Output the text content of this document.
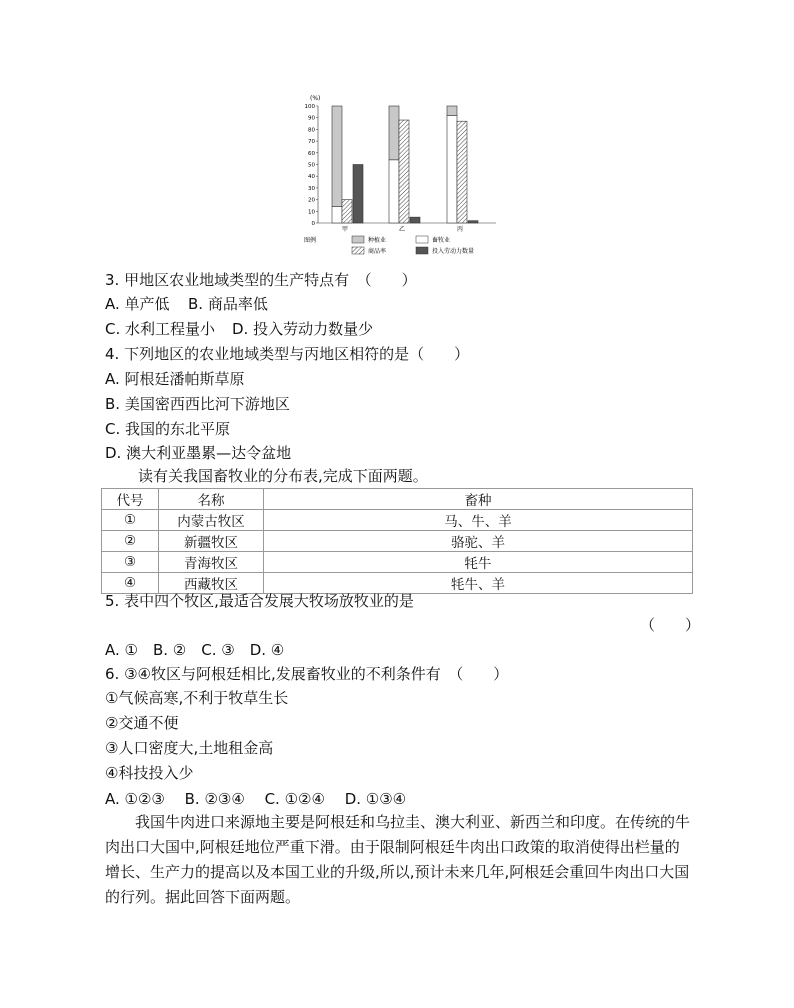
(%)
0
10
20
30
40
50
60
70
80
90
100
甲	乙	丙
图例	种植业	畜牧业
商品率	投入劳动力数量
3. 甲地区农业地域类型的生产特点有　（　　）
A. 单产低 B. 商品率低
C. 水利工程量小 D. 投入劳动力数量少
4. 下列地区的农业地域类型与丙地区相符的是（　　）
A. 阿根廷潘帕斯草原
B. 美国密西西比河下游地区
C. 我国的东北平原
D. 澳大利亚墨累—达令盆地
读有关我国畜牧业的分布表,完成下面两题。
代号	名称	畜种
①	内蒙古牧区	马、牛、羊
②	新疆牧区	骆驼、羊
③	青海牧区	牦牛
④	西藏牧区	牦牛、羊
5. 表中四个牧区,最适合发展大牧场放牧业的是
（　　）
A. ①　B. ②　C. ③　D. ④
6. ③④牧区与阿根廷相比,发展畜牧业的不利条件有　（　　）
①气候高寒,不利于牧草生长
②交通不便
③人口密度大,土地租金高
④科技投入少
A. ①②③　 B. ②③④　 C. ①②④　 D. ①③④
我国牛肉进口来源地主要是阿根廷和乌拉圭、澳大利亚、新西兰和印度。在传统的牛肉出口大国中,阿根廷地位严重下滑。由于限制阿根廷牛肉出口政策的取消使得出栏量的增长、生产力的提高以及本国工业的升级,所以,预计未来几年,阿根廷会重回牛肉出口大国的行列。据此回答下面两题。
